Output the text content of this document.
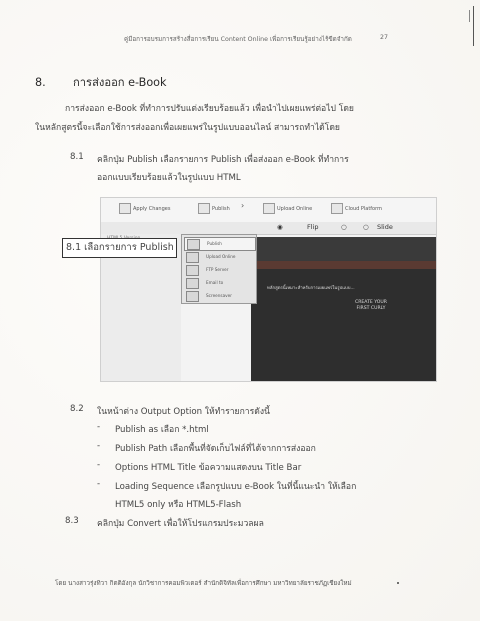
คู่มือการอบรมการสร้างสื่อการเรียน Content Online เพื่อการเรียนรู้อย่างไร้ขีดจำกัด	27
8. การส่งออก e-Book
การส่งออก e-Book ที่ทำการปรับแต่งเรียบร้อยแล้ว เพื่อนำไปเผยแพร่ต่อไป โดย
ในหลักสูตรนี้จะเลือกใช้การส่งออกเพื่อเผยแพร่ในรูปแบบออนไลน์ สามารถทำได้โดย
8.1 คลิกปุ่ม Publish เลือกรายการ Publish เพื่อส่งออก e-Book ที่ทำการ
ออกแบบเรียบร้อยแล้วในรูปแบบ HTML
Apply Changes	Publish ›	Upload Online	Cloud Platform
◉	Flip	○	○ Slide
Publish
Upload Online
FTP Server
Email to
Screensaver
หลักสูตรนี้เหมาะสำหรับการเผยแพร่ในรูปแบบ...
CREATE YOUR FIRST CURLY
8.1 เลือกรายการ Publish
8.2 ในหน้าต่าง Output Option ให้ทำรายการดังนี้
- Publish as เลือก *.html
- Publish Path เลือกพื้นที่จัดเก็บไฟล์ที่ได้จากการส่งออก
- Options HTML Title ข้อความแสดงบน Title Bar
- Loading Sequence เลือกรูปแบบ e-Book ในที่นี้แนะนำ ให้เลือก
HTML5 only หรือ HTML5-Flash
8.3 คลิกปุ่ม Convert เพื่อให้โปรแกรมประมวลผล
โดย นางสาวรุ่งทิวา กิตติอังกุล นักวิชาการคอมพิวเตอร์ สำนักดิจิทัลเพื่อการศึกษา มหาวิทยาลัยราชภัฏเชียงใหม่
